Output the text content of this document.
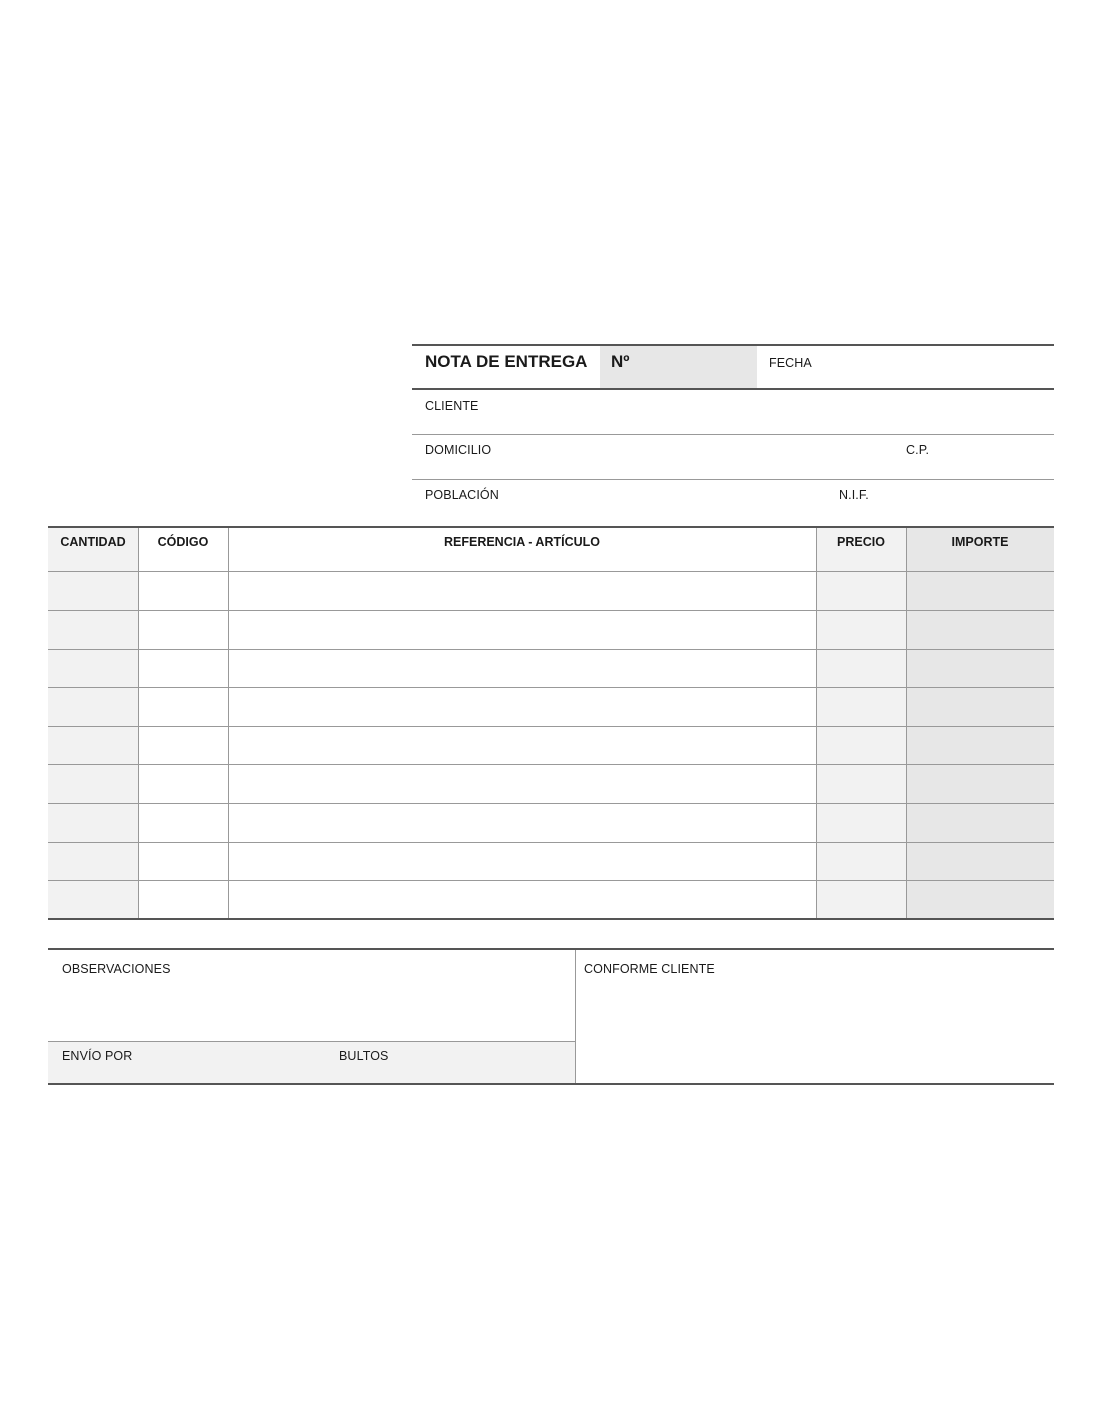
NOTA DE ENTREGA Nº	FECHA
CLIENTE
DOMICILIO	C.P.
POBLACIÓN	N.I.F.
CANTIDAD	CÓDIGO	REFERENCIA - ARTÍCULO	PRECIO	IMPORTE
OBSERVACIONES
ENVÍO POR	BULTOS
CONFORME CLIENTE
